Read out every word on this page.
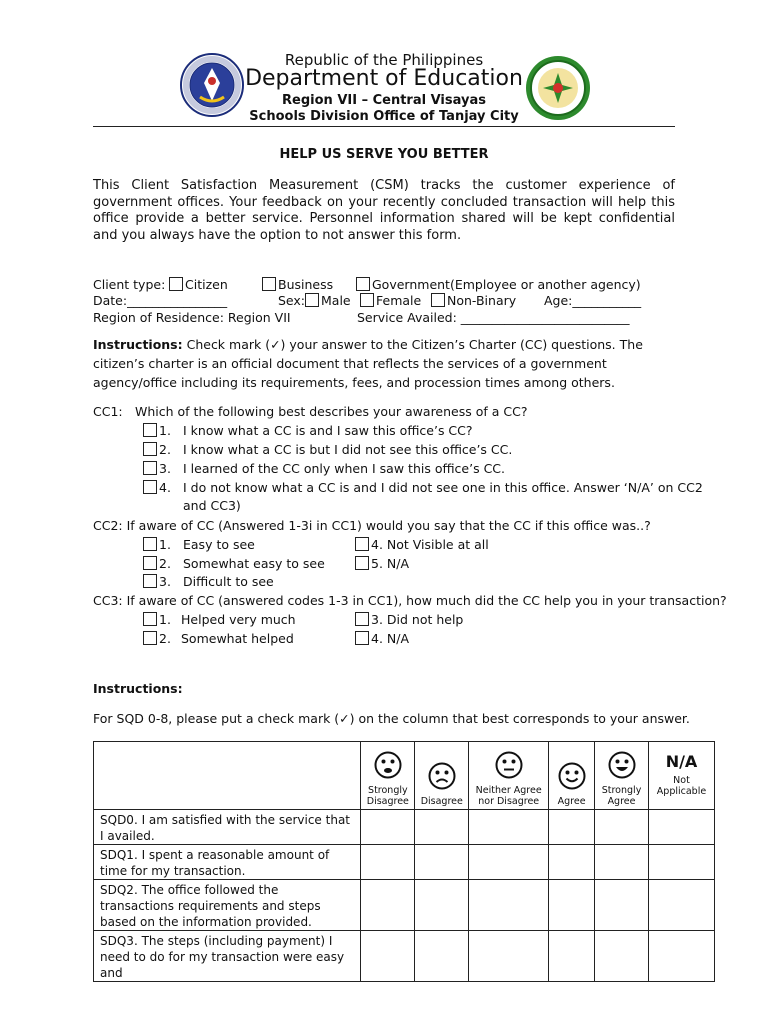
Republic of the Philippines
Department of Education
Region VII – Central Visayas
Schools Division Office of Tanjay City
HELP US SERVE YOU BETTER
This Client Satisfaction Measurement (CSM) tracks the customer experience of government offices. Your feedback on your recently concluded transaction will help this office provide a better service. Personnel information shared will be kept confidential and you always have the option to not answer this form.
Client type:	Citizen	Business	Government(Employee or another agency)
Date:________________	Sex:	Male	Female	Non-Binary Age:___________
Region of Residence: Region VII	Service Availed: ___________________________
Instructions: Check mark (✓) your answer to the Citizen’s Charter (CC) questions. The citizen’s charter is an official document that reflects the services of a government agency/office including its requirements, fees, and procession times among others.
CC1: Which of the following best describes your awareness of a CC?
1. I know what a CC is and I saw this office’s CC?
2. I know what a CC is but I did not see this office’s CC.
3. I learned of the CC only when I saw this office’s CC.
4. I do not know what a CC is and I did not see one in this office. Answer ‘N/A’ on CC2
and CC3)
CC2: If aware of CC (Answered 1-3i in CC1) would you say that the CC if this office was..?
1. Easy to see
2. Somewhat easy to see
3. Difficult to see
4. Not Visible at all
5. N/A
CC3: If aware of CC (answered codes 1-3 in CC1), how much did the CC help you in your transaction?
1. Helped very much
2. Somewhat helped
3. Did not help
4. N/A
Instructions:
For SQD 0-8, please put a check mark (✓) on the column that best corresponds to your answer.

Strongly Disagree	Disagree	Neither Agree nor Disagree	Agree	Strongly Agree	N/A
Not Applicable
SQD0. I am satisfied with the service that I availed.						
SDQ1. I spent a reasonable amount of time for my transaction.						
SDQ2. The office followed the transactions requirements and steps based on the information provided.						
SDQ3. The steps (including payment) I need to do for my transaction were easy and						
